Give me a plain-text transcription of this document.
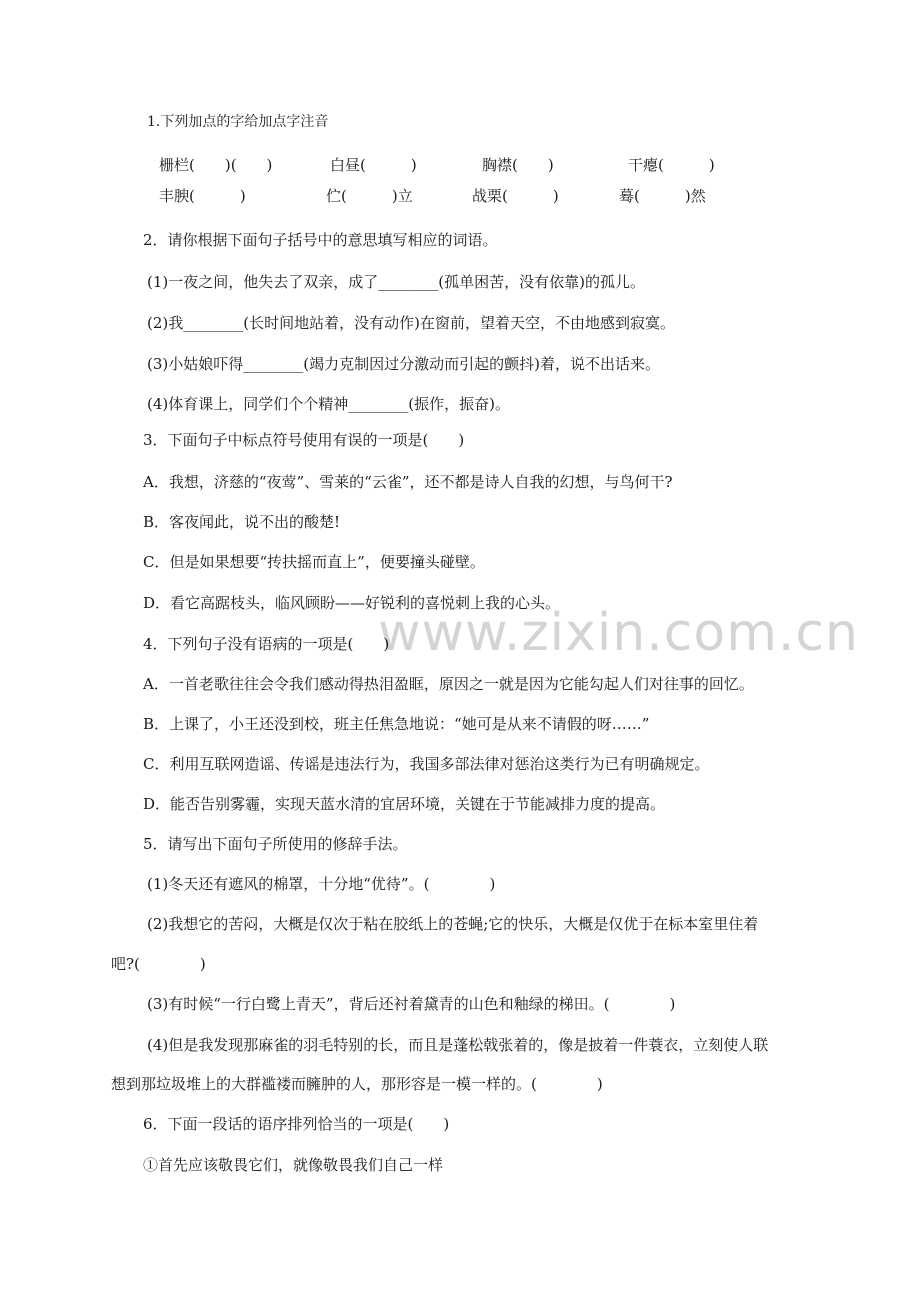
1.下列加点的字给加点字注音
栅栏(　　)(　　)	白昼(　　　)	胸襟(　　)	干瘪(　　　)
丰腴(　　　)	伫(　　　)立	战栗(　　　)	蓦(　　　)然
2．请你根据下面句子括号中的意思填写相应的词语。
(1)一夜之间，他失去了双亲，成了________(孤单困苦，没有依靠)的孤儿。
(2)我________(长时间地站着，没有动作)在窗前，望着天空，不由地感到寂寞。
(3)小姑娘吓得________(竭力克制因过分激动而引起的颤抖)着，说不出话来。
(4)体育课上，同学们个个精神________(振作，振奋)。
3．下面句子中标点符号使用有误的一项是(　　)
A．我想，济慈的“夜莺”、雪莱的“云雀”，还不都是诗人自我的幻想，与鸟何干?
B．客夜闻此，说不出的酸楚!
C．但是如果想要“抟扶摇而直上”，便要撞头碰壁。
D．看它高踞枝头，临风顾盼——好锐利的喜悦刺上我的心头。
www.zixin.com.cn
4．下列句子没有语病的一项是(　　)
A．一首老歌往往会令我们感动得热泪盈眶，原因之一就是因为它能勾起人们对往事的回忆。
B．上课了，小王还没到校，班主任焦急地说：“她可是从来不请假的呀……”
C．利用互联网造谣、传谣是违法行为，我国多部法律对惩治这类行为已有明确规定。
D．能否告别雾霾，实现天蓝水清的宜居环境，关键在于节能减排力度的提高。
5．请写出下面句子所使用的修辞手法。
(1)冬天还有遮风的棉罩，十分地“优待”。(　　　　)
(2)我想它的苦闷，大概是仅次于粘在胶纸上的苍蝇;它的快乐，大概是仅优于在标本室里住着
吧?(　　　　)
(3)有时候“一行白鹭上青天”，背后还衬着黛青的山色和釉绿的梯田。(　　　　)
(4)但是我发现那麻雀的羽毛特别的长，而且是蓬松戟张着的，像是披着一件蓑衣，立刻使人联
想到那垃圾堆上的大群褴褛而臃肿的人，那形容是一模一样的。(　　　　)
6．下面一段话的语序排列恰当的一项是(　　)
①首先应该敬畏它们，就像敬畏我们自己一样
